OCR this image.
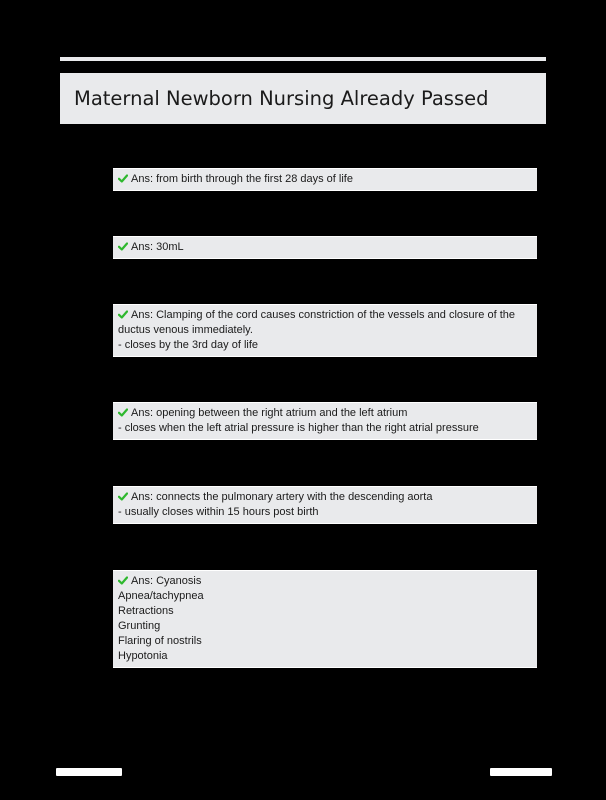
Maternal Newborn Nursing Already Passed
Ans: from birth through the first 28 days of life
Ans: 30mL
Ans: Clamping of the cord causes constriction of the vessels and closure of the
ductus venous immediately.
- closes by the 3rd day of life
Ans: opening between the right atrium and the left atrium
- closes when the left atrial pressure is higher than the right atrial pressure
Ans: connects the pulmonary artery with the descending aorta
- usually closes within 15 hours post birth
Ans: Cyanosis
Apnea/tachypnea
Retractions
Grunting
Flaring of nostrils
Hypotonia
